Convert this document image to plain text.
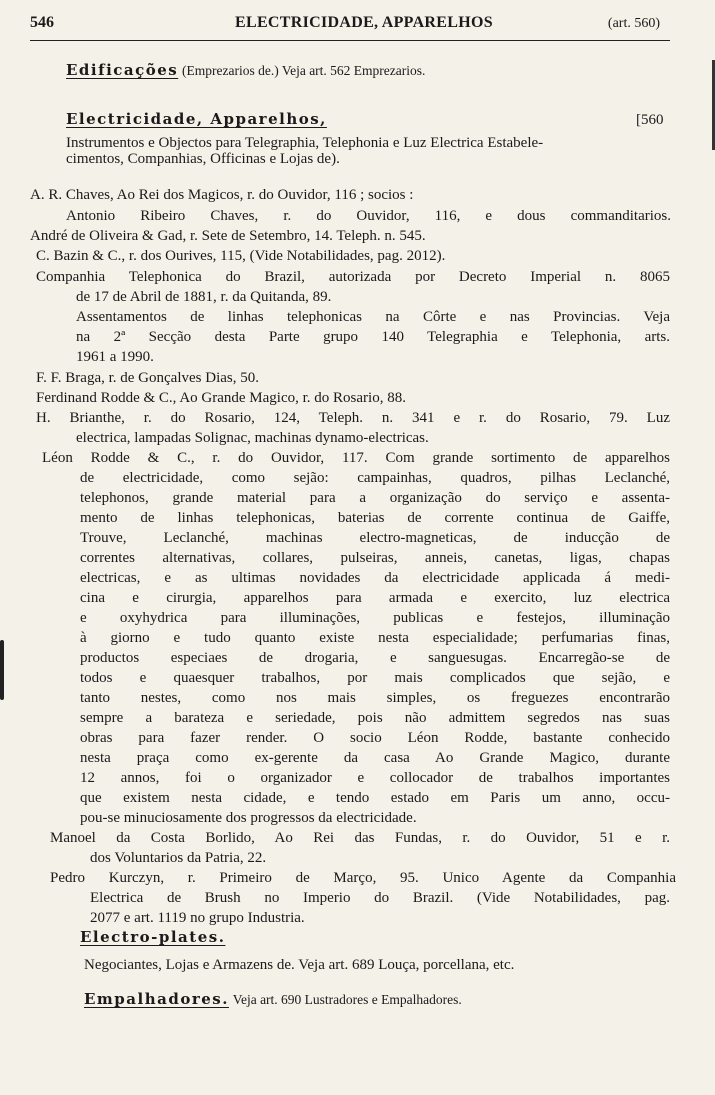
546	ELECTRICIDADE, APPARELHOS	(art. 560)
Edificações (Emprezarios de.) Veja art. 562 Emprezarios.
Electricidade, Apparelhos,	[560
Instrumentos e Objectos para Telegraphia, Telephonia e Luz Electrica Estabele-
cimentos, Companhias, Officinas e Lojas de).
A. R. Chaves, Ao Rei dos Magicos, r. do Ouvidor, 116 ; socios :
Antonio Ribeiro Chaves, r. do Ouvidor, 116, e dous commanditarios.
André de Oliveira & Gad, r. Sete de Setembro, 14. Teleph. n. 545.
C. Bazin & C., r. dos Ourives, 115, (Vide Notabilidades, pag. 2012).
Companhia Telephonica do Brazil, autorizada por Decreto Imperial n. 8065
de 17 de Abril de 1881, r. da Quitanda, 89.
Assentamentos de linhas telephonicas na Côrte e nas Provincias. Veja
na 2ª Secção desta Parte grupo 140 Telegraphia e Telephonia, arts.
1961 a 1990.
F. F. Braga, r. de Gonçalves Dias, 50.
Ferdinand Rodde & C., Ao Grande Magico, r. do Rosario, 88.
H. Brianthe, r. do Rosario, 124, Teleph. n. 341 e r. do Rosario, 79. Luz
electrica, lampadas Solignac, machinas dynamo-electricas.
Léon Rodde & C., r. do Ouvidor, 117. Com grande sortimento de apparelhos
de electricidade, como sejão: campainhas, quadros, pilhas Leclanché,
telephonos, grande material para a organização do serviço e assenta-
mento de linhas telephonicas, baterias de corrente continua de Gaiffe,
Trouve, Leclanché, machinas electro-magneticas, de inducção de
correntes alternativas, collares, pulseiras, anneis, canetas, ligas, chapas
electricas, e as ultimas novidades da electricidade applicada á medi-
cina e cirurgia, apparelhos para armada e exercito, luz electrica
e oxyhydrica para illuminações, publicas e festejos, illuminação
à giorno e tudo quanto existe nesta especialidade; perfumarias finas,
productos especiaes de drogaria, e sanguesugas. Encarregão-se de
todos e quaesquer trabalhos, por mais complicados que sejão, e
tanto nestes, como nos mais simples, os freguezes encontrarão
sempre a barateza e seriedade, pois não admittem segredos nas suas
obras para fazer render. O socio Léon Rodde, bastante conhecido
nesta praça como ex-gerente da casa Ao Grande Magico, durante
12 annos, foi o organizador e collocador de trabalhos importantes
que existem nesta cidade, e tendo estado em Paris um anno, occu-
pou-se minuciosamente dos progressos da electricidade.
Manoel da Costa Borlido, Ao Rei das Fundas, r. do Ouvidor, 51 e r.
dos Voluntarios da Patria, 22.
Pedro Kurczyn, r. Primeiro de Março, 95. Unico Agente da Companhia
Electrica de Brush no Imperio do Brazil. (Vide Notabilidades, pag.
2077 e art. 1119 no grupo Industria.
Electro-plates.
Negociantes, Lojas e Armazens de. Veja art. 689 Louça, porcellana, etc.
Empalhadores. Veja art. 690 Lustradores e Empalhadores.
